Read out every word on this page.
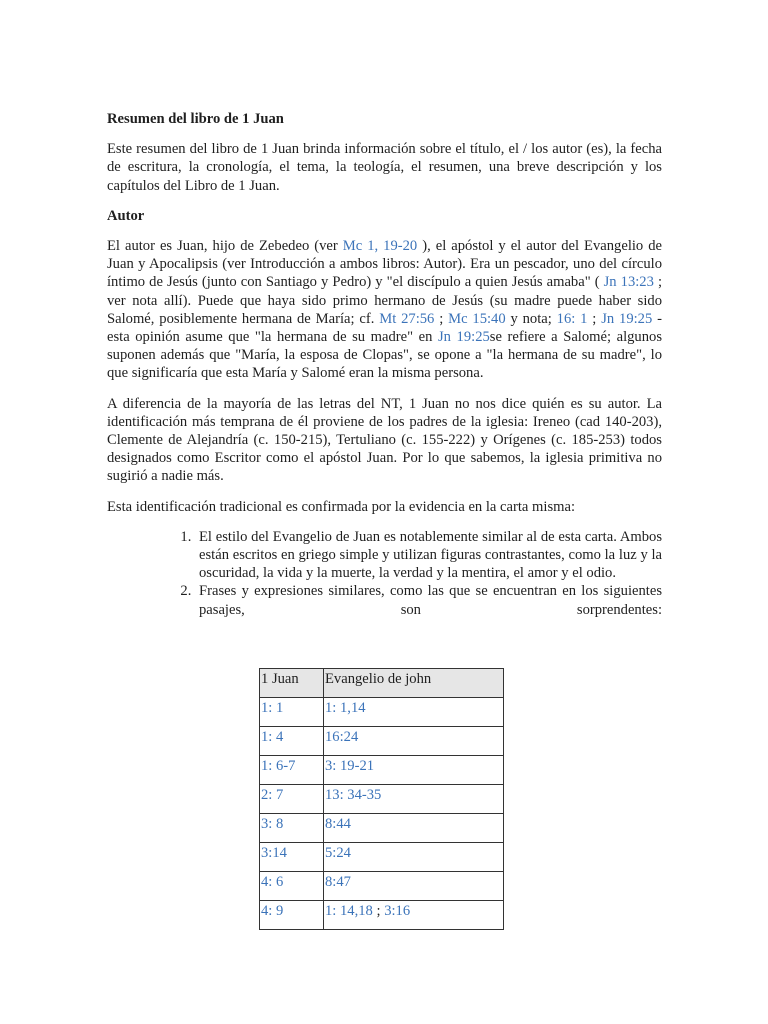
Resumen del libro de 1 Juan

Este resumen del libro de 1 Juan brinda información sobre el título, el / los autor (es), la fecha de escritura, la cronología, el tema, la teología, el resumen, una breve descripción y los capítulos del Libro de 1 Juan.

Autor

El autor es Juan, hijo de Zebedeo (ver Mc 1, 19-20 ), el apóstol y el autor del Evangelio de Juan y Apocalipsis (ver Introducción a ambos libros: Autor). Era un pescador, uno del círculo íntimo de Jesús (junto con Santiago y Pedro) y "el discípulo a quien Jesús amaba" ( Jn 13:23 ; ver nota allí). Puede que haya sido primo hermano de Jesús (su madre puede haber sido Salomé, posiblemente hermana de María; cf. Mt 27:56 ; Mc 15:40 y nota; 16: 1 ; Jn 19:25 - esta opinión asume que "la hermana de su madre" en Jn 19:25se refiere a Salomé; algunos suponen además que "María, la esposa de Clopas", se opone a "la hermana de su madre", lo que significaría que esta María y Salomé eran la misma persona.

A diferencia de la mayoría de las letras del NT, 1 Juan no nos dice quién es su autor. La identificación más temprana de él proviene de los padres de la iglesia: Ireneo (cad 140-203), Clemente de Alejandría (c. 150-215), Tertuliano (c. 155-222) y Orígenes (c. 185-253) todos designados como Escritor como el apóstol Juan. Por lo que sabemos, la iglesia primitiva no sugirió a nadie más.

Esta identificación tradicional es confirmada por la evidencia en la carta misma:

1. El estilo del Evangelio de Juan es notablemente similar al de esta carta. Ambos están escritos en griego simple y utilizan figuras contrastantes, como la luz y la oscuridad, la vida y la muerte, la verdad y la mentira, el amor y el odio.
2. Frases y expresiones similares, como las que se encuentran en los siguientes pasajes, son sorprendentes:
1 Juan	Evangelio de john
1: 1	1: 1,14
1: 4	16:24
1: 6-7	3: 19-21
2: 7	13: 34-35
3: 8	8:44
3:14	5:24
4: 6	8:47
4: 9	1: 14,18 ; 3:16
